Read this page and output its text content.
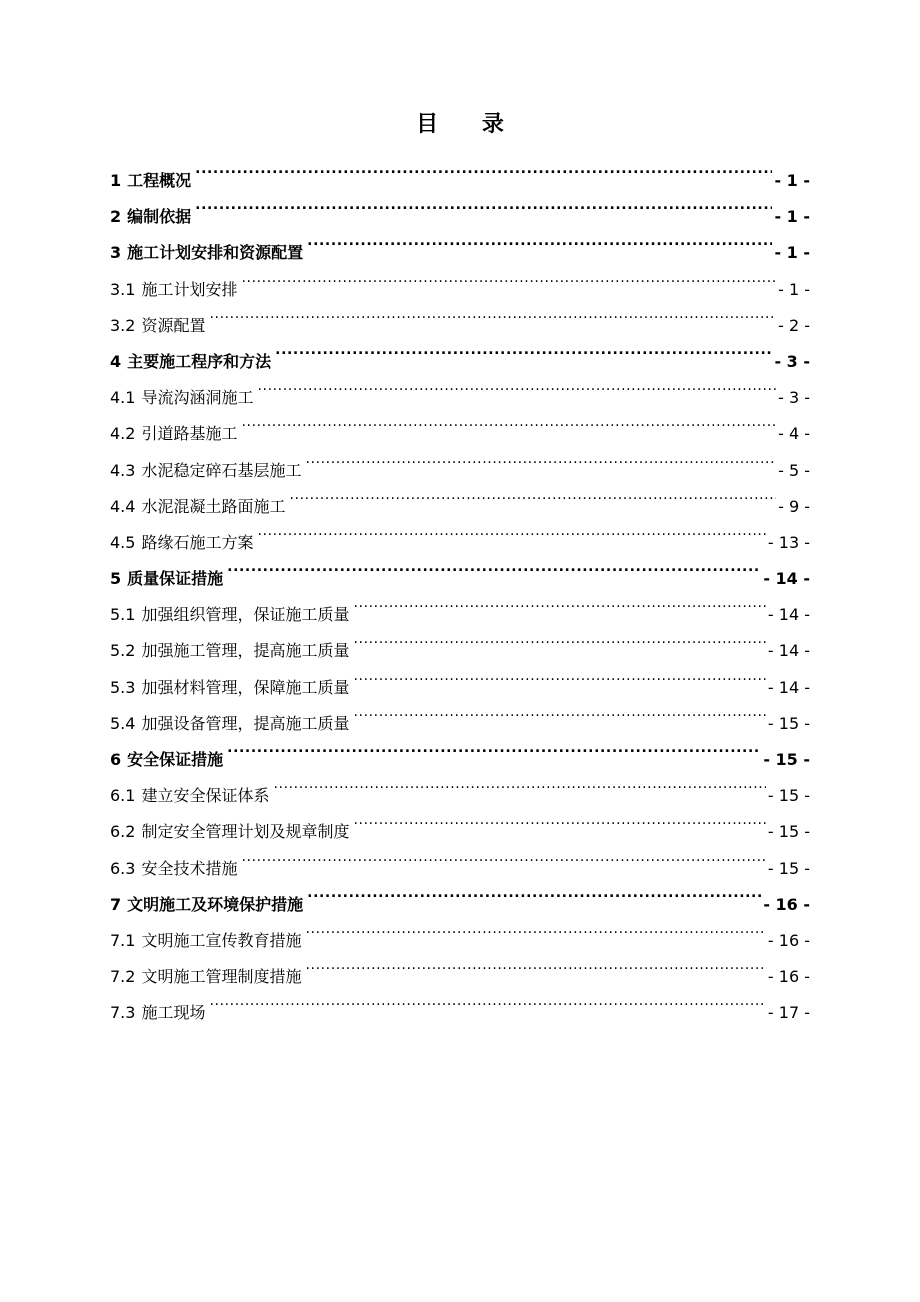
目 录
1 工程概况 .....	- 1 -
2 编制依据 .....	- 1 -
3 施工计划安排和资源配置 .....	- 1 -
3.1 施工计划安排 .....	- 1 -
3.2 资源配置 .....	- 2 -
4 主要施工程序和方法 .....	- 3 -
4.1 导流沟涵洞施工 .....	- 3 -
4.2 引道路基施工 .....	- 4 -
4.3 水泥稳定碎石基层施工 .....	- 5 -
4.4 水泥混凝土路面施工 .....	- 9 -
4.5 路缘石施工方案 .....	- 13 -
5 质量保证措施 .....	- 14 -
5.1 加强组织管理，保证施工质量 .....	- 14 -
5.2 加强施工管理，提高施工质量 .....	- 14 -
5.3 加强材料管理，保障施工质量 .....	- 14 -
5.4 加强设备管理，提高施工质量 .....	- 15 -
6 安全保证措施 .....	- 15 -
6.1 建立安全保证体系 .....	- 15 -
6.2 制定安全管理计划及规章制度 .....	- 15 -
6.3 安全技术措施 .....	- 15 -
7 文明施工及环境保护措施 .....	- 16 -
7.1 文明施工宣传教育措施 .....	- 16 -
7.2 文明施工管理制度措施 .....	- 16 -
7.3 施工现场 .....	- 17 -
